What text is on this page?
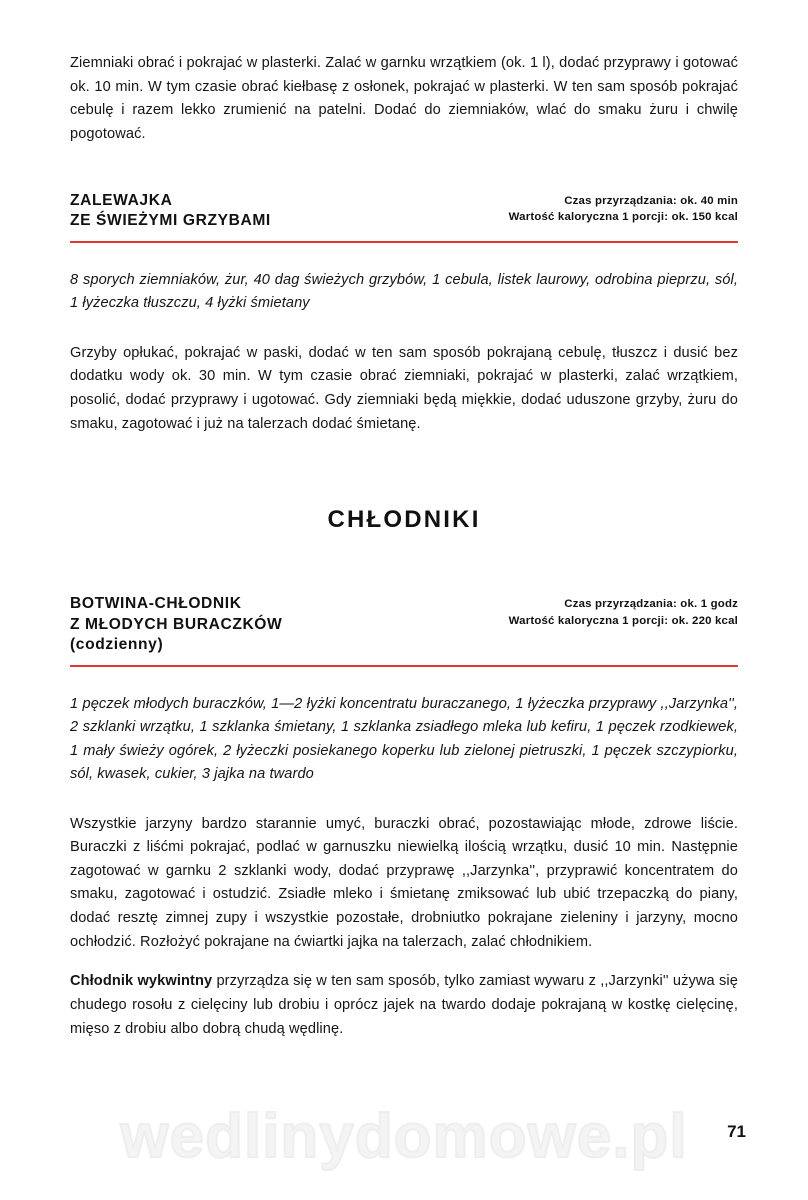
Ziemniaki obrać i pokrajać w plasterki. Zalać w garnku wrzątkiem (ok. 1 l), dodać przyprawy i gotować ok. 10 min. W tym czasie obrać kiełbasę z osłonek, pokrajać w plasterki. W ten sam sposób pokrajać cebulę i razem lekko zrumienić na patelni. Dodać do ziemniaków, wlać do smaku żuru i chwilę pogotować.

ZALEWAJKA
ZE ŚWIEŻYMI GRZYBAMI
Czas przyrządzania: ok. 40 min
Wartość kaloryczna 1 porcji: ok. 150 kcal

8 sporych ziemniaków, żur, 40 dag świeżych grzybów, 1 cebula, listek laurowy, odrobina pieprzu, sól, 1 łyżeczka tłuszczu, 4 łyżki śmietany

Grzyby opłukać, pokrajać w paski, dodać w ten sam sposób pokrajaną cebulę, tłuszcz i dusić bez dodatku wody ok. 30 min. W tym czasie obrać ziemniaki, pokrajać w plasterki, zalać wrzątkiem, posolić, dodać przyprawy i ugotować. Gdy ziemniaki będą miękkie, dodać uduszone grzyby, żuru do smaku, zagotować i już na talerzach dodać śmietanę.

CHŁODNIKI
BOTWINA-CHŁODNIK
Z MŁODYCH BURACZKÓW
(codzienny)
Czas przyrządzania: ok. 1 godz
Wartość kaloryczna 1 porcji: ok. 220 kcal

1 pęczek młodych buraczków, 1—2 łyżki koncentratu buraczanego, 1 łyżeczka przyprawy ,,Jarzynka'', 2 szklanki wrzątku, 1 szklanka śmietany, 1 szklanka zsiadłego mleka lub kefiru, 1 pęczek rzodkiewek, 1 mały świeży ogórek, 2 łyżeczki posiekanego koperku lub zielonej pietruszki, 1 pęczek szczypiorku, sól, kwasek, cukier, 3 jajka na twardo

Wszystkie jarzyny bardzo starannie umyć, buraczki obrać, pozostawiając młode, zdrowe liście. Buraczki z liśćmi pokrajać, podlać w garnuszku niewielką ilością wrzątku, dusić 10 min. Następnie zagotować w garnku 2 szklanki wody, dodać przyprawę ,,Jarzynka'', przyprawić koncentratem do smaku, zagotować i ostudzić. Zsiadłe mleko i śmietanę zmiksować lub ubić trzepaczką do piany, dodać resztę zimnej zupy i wszystkie pozostałe, drobniutko pokrajane zieleniny i jarzyny, mocno ochłodzić. Rozłożyć pokrajane na ćwiartki jajka na talerzach, zalać chłodnikiem.

Chłodnik wykwintny przyrządza się w ten sam sposób, tylko zamiast wywaru z ,,Jarzynki'' używa się chudego rosołu z cielęciny lub drobiu i oprócz jajek na twardo dodaje pokrajaną w kostkę cielęcinę, mięso z drobiu albo dobrą chudą wędlinę.

wedlinydomowe.pl	71
